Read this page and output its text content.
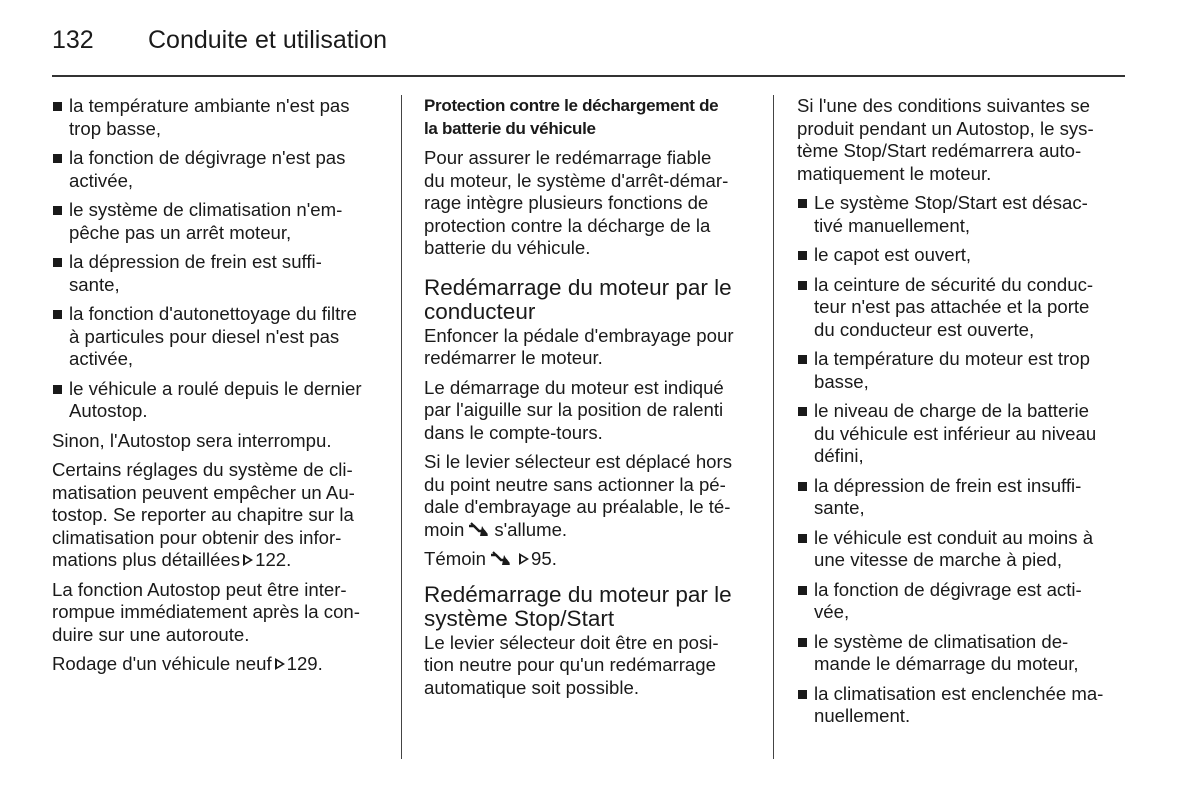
132 Conduite et utilisation
la température ambiante n'est pas
trop basse,
la fonction de dégivrage n'est pas
activée,
le système de climatisation n'em-
pêche pas un arrêt moteur,
la dépression de frein est suffi-
sante,
la fonction d'autonettoyage du filtre
à particules pour diesel n'est pas
activée,
le véhicule a roulé depuis le dernier
Autostop.

Sinon, l'Autostop sera interrompu.

Certains réglages du système de cli-
matisation peuvent empêcher un Au-
tostop. Se reporter au chapitre sur la
climatisation pour obtenir des infor-
mations plus détaillées 122.

La fonction Autostop peut être inter-
rompue immédiatement après la con-
duire sur une autoroute.

Rodage d'un véhicule neuf 129.

Protection contre le déchargement de
la batterie du véhicule

Pour assurer le redémarrage fiable
du moteur, le système d'arrêt-démar-
rage intègre plusieurs fonctions de
protection contre la décharge de la
batterie du véhicule.

Redémarrage du moteur par le
conducteur

Enfoncer la pédale d'embrayage pour
redémarrer le moteur.

Le démarrage du moteur est indiqué
par l'aiguille sur la position de ralenti
dans le compte-tours.

Si le levier sélecteur est déplacé hors
du point neutre sans actionner la pé-
dale d'embrayage au préalable, le té-
moin s'allume.

Témoin 95.

Redémarrage du moteur par le
système Stop/Start

Le levier sélecteur doit être en posi-
tion neutre pour qu'un redémarrage
automatique soit possible.

Si l'une des conditions suivantes se
produit pendant un Autostop, le sys-
tème Stop/Start redémarrera auto-
matiquement le moteur.

Le système Stop/Start est désac-
tivé manuellement,
le capot est ouvert,
la ceinture de sécurité du conduc-
teur n'est pas attachée et la porte
du conducteur est ouverte,
la température du moteur est trop
basse,
le niveau de charge de la batterie
du véhicule est inférieur au niveau
défini,
la dépression de frein est insuffi-
sante,
le véhicule est conduit au moins à
une vitesse de marche à pied,
la fonction de dégivrage est acti-
vée,
le système de climatisation de-
mande le démarrage du moteur,
la climatisation est enclenchée ma-
nuellement.
